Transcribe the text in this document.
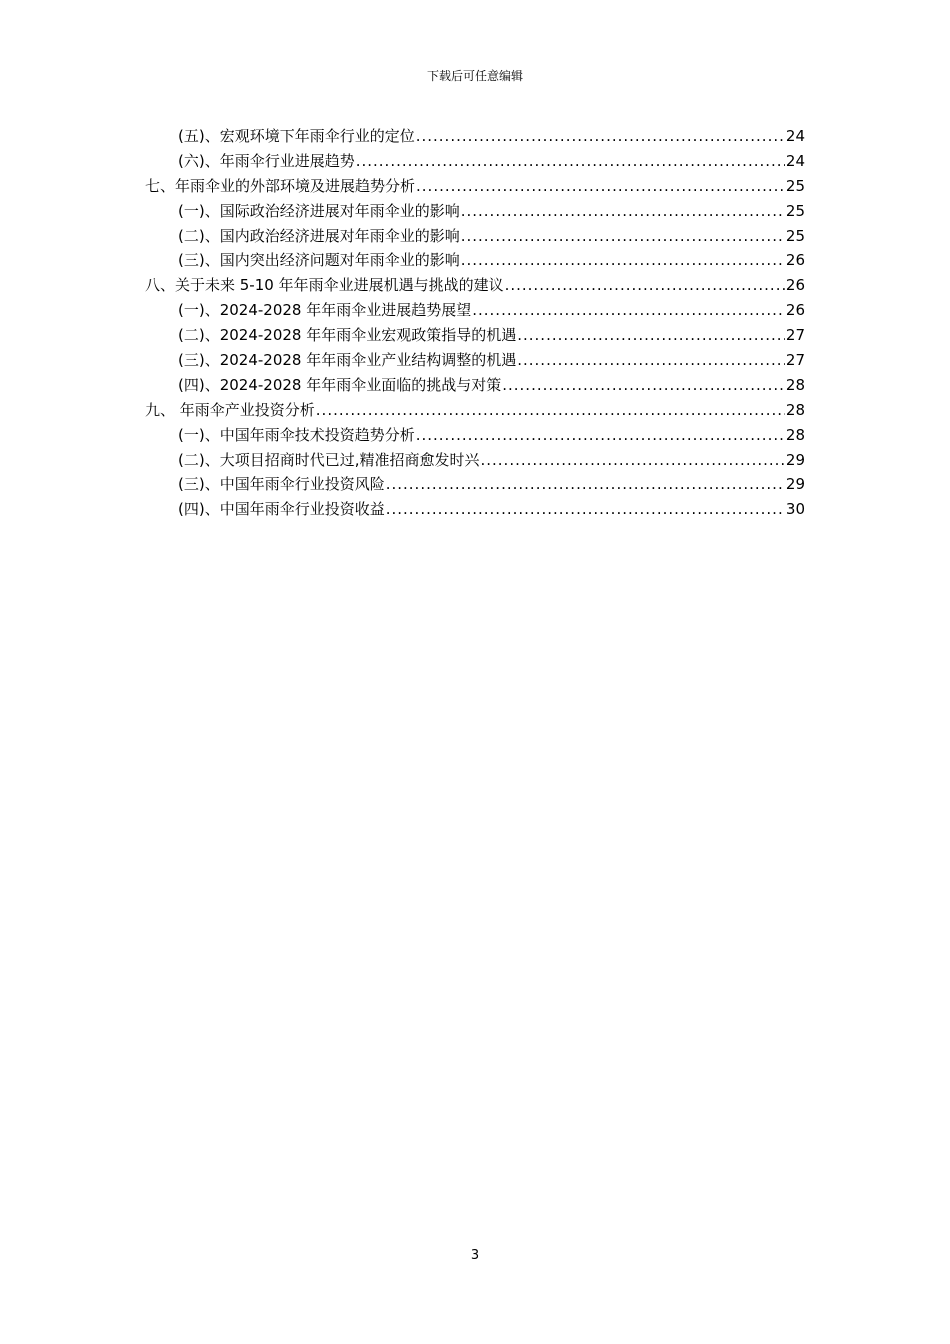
下载后可任意编辑
(五)、宏观环境下年雨伞行业的定位 .....	24
(六)、年雨伞行业进展趋势 .....	24
七、年雨伞业的外部环境及进展趋势分析 .....	25
(一)、国际政治经济进展对年雨伞业的影响 .....	25
(二)、国内政治经济进展对年雨伞业的影响 .....	25
(三)、国内突出经济问题对年雨伞业的影响 .....	26
八、关于未来 5-10 年年雨伞业进展机遇与挑战的建议 .....	26
(一)、2024-2028 年年雨伞业进展趋势展望 .....	26
(二)、2024-2028 年年雨伞业宏观政策指导的机遇 .....	27
(三)、2024-2028 年年雨伞业产业结构调整的机遇 .....	27
(四)、2024-2028 年年雨伞业面临的挑战与对策 .....	28
九、 年雨伞产业投资分析 .....	28
(一)、中国年雨伞技术投资趋势分析 .....	28
(二)、大项目招商时代已过,精准招商愈发时兴 .....	29
(三)、中国年雨伞行业投资风险 .....	29
(四)、中国年雨伞行业投资收益 .....	30
3
